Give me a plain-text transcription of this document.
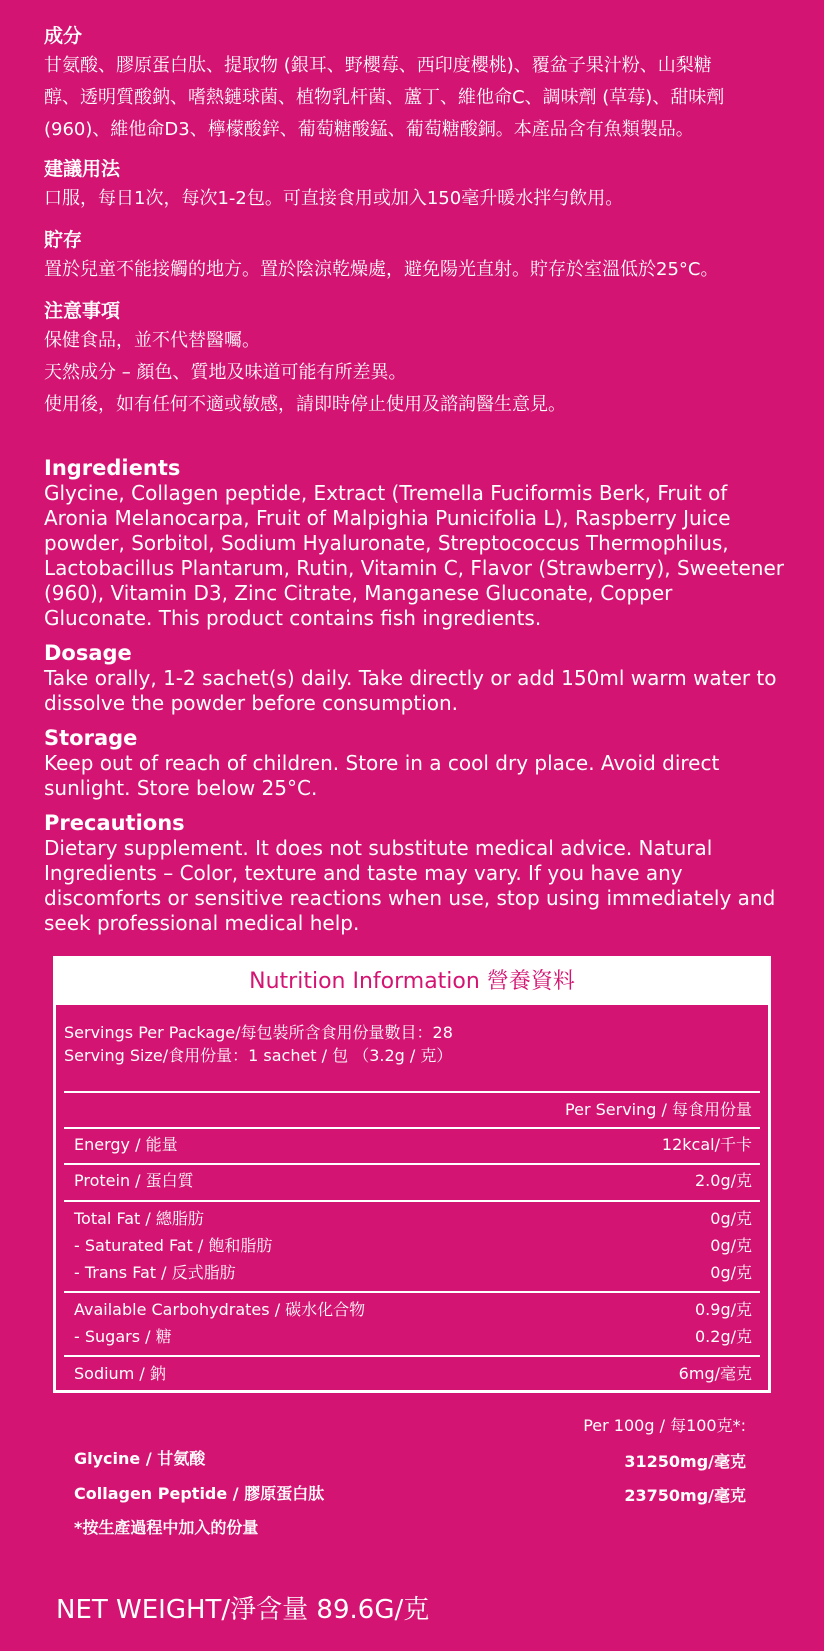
成分

甘氨酸、膠原蛋白肽、提取物 (銀耳、野櫻莓、西印度櫻桃)、覆盆子果汁粉、山梨糖

醇、透明質酸鈉、嗜熱鏈球菌、植物乳杆菌、蘆丁、維他命C、調味劑 (草莓)、甜味劑

(960)、維他命D3、檸檬酸鋅、葡萄糖酸錳、葡萄糖酸銅。本產品含有魚類製品。

建議用法

口服，每日1次，每次1-2包。可直接食用或加入150毫升暖水拌勻飲用。

貯存

置於兒童不能接觸的地方。置於陰涼乾燥處，避免陽光直射。貯存於室溫低於25°C。

注意事項

保健食品，並不代替醫囑。

天然成分 – 顏色、質地及味道可能有所差異。

使用後，如有任何不適或敏感，請即時停止使用及諮詢醫生意見。

Ingredients

Glycine, Collagen peptide, Extract (Tremella Fuciformis Berk, Fruit of

Aronia Melanocarpa, Fruit of Malpighia Punicifolia L), Raspberry Juice

powder, Sorbitol, Sodium Hyaluronate, Streptococcus Thermophilus,

Lactobacillus Plantarum, Rutin, Vitamin C, Flavor (Strawberry), Sweetener

(960), Vitamin D3, Zinc Citrate, Manganese Gluconate, Copper

Gluconate. This product contains fish ingredients.

Dosage

Take orally, 1-2 sachet(s) daily. Take directly or add 150ml warm water to

dissolve the powder before consumption.

Storage

Keep out of reach of children. Store in a cool dry place. Avoid direct

sunlight. Store below 25°C.

Precautions

Dietary supplement. It does not substitute medical advice. Natural

Ingredients – Color, texture and taste may vary. If you have any

discomforts or sensitive reactions when use, stop using immediately and

seek professional medical help.

Nutrition Information 營養資料
Servings Per Package/每包裝所含食用份量數目：28
Serving Size/食用份量：1 sachet / 包 （3.2g / 克）
Per Serving / 每食用份量
Energy / 能量	12kcal/千卡
Protein / 蛋白質	2.0g/克
Total Fat / 總脂肪	0g/克
- Saturated Fat / 飽和脂肪	0g/克
- Trans Fat / 反式脂肪	0g/克
Available Carbohydrates / 碳水化合物	0.9g/克
- Sugars / 糖	0.2g/克
Sodium / 鈉	6mg/毫克
Per 100g / 每100克*:
Glycine / 甘氨酸	31250mg/毫克
Collagen Peptide / 膠原蛋白肽	23750mg/毫克
*按生產過程中加入的份量
NET WEIGHT/淨含量 89.6G/克
